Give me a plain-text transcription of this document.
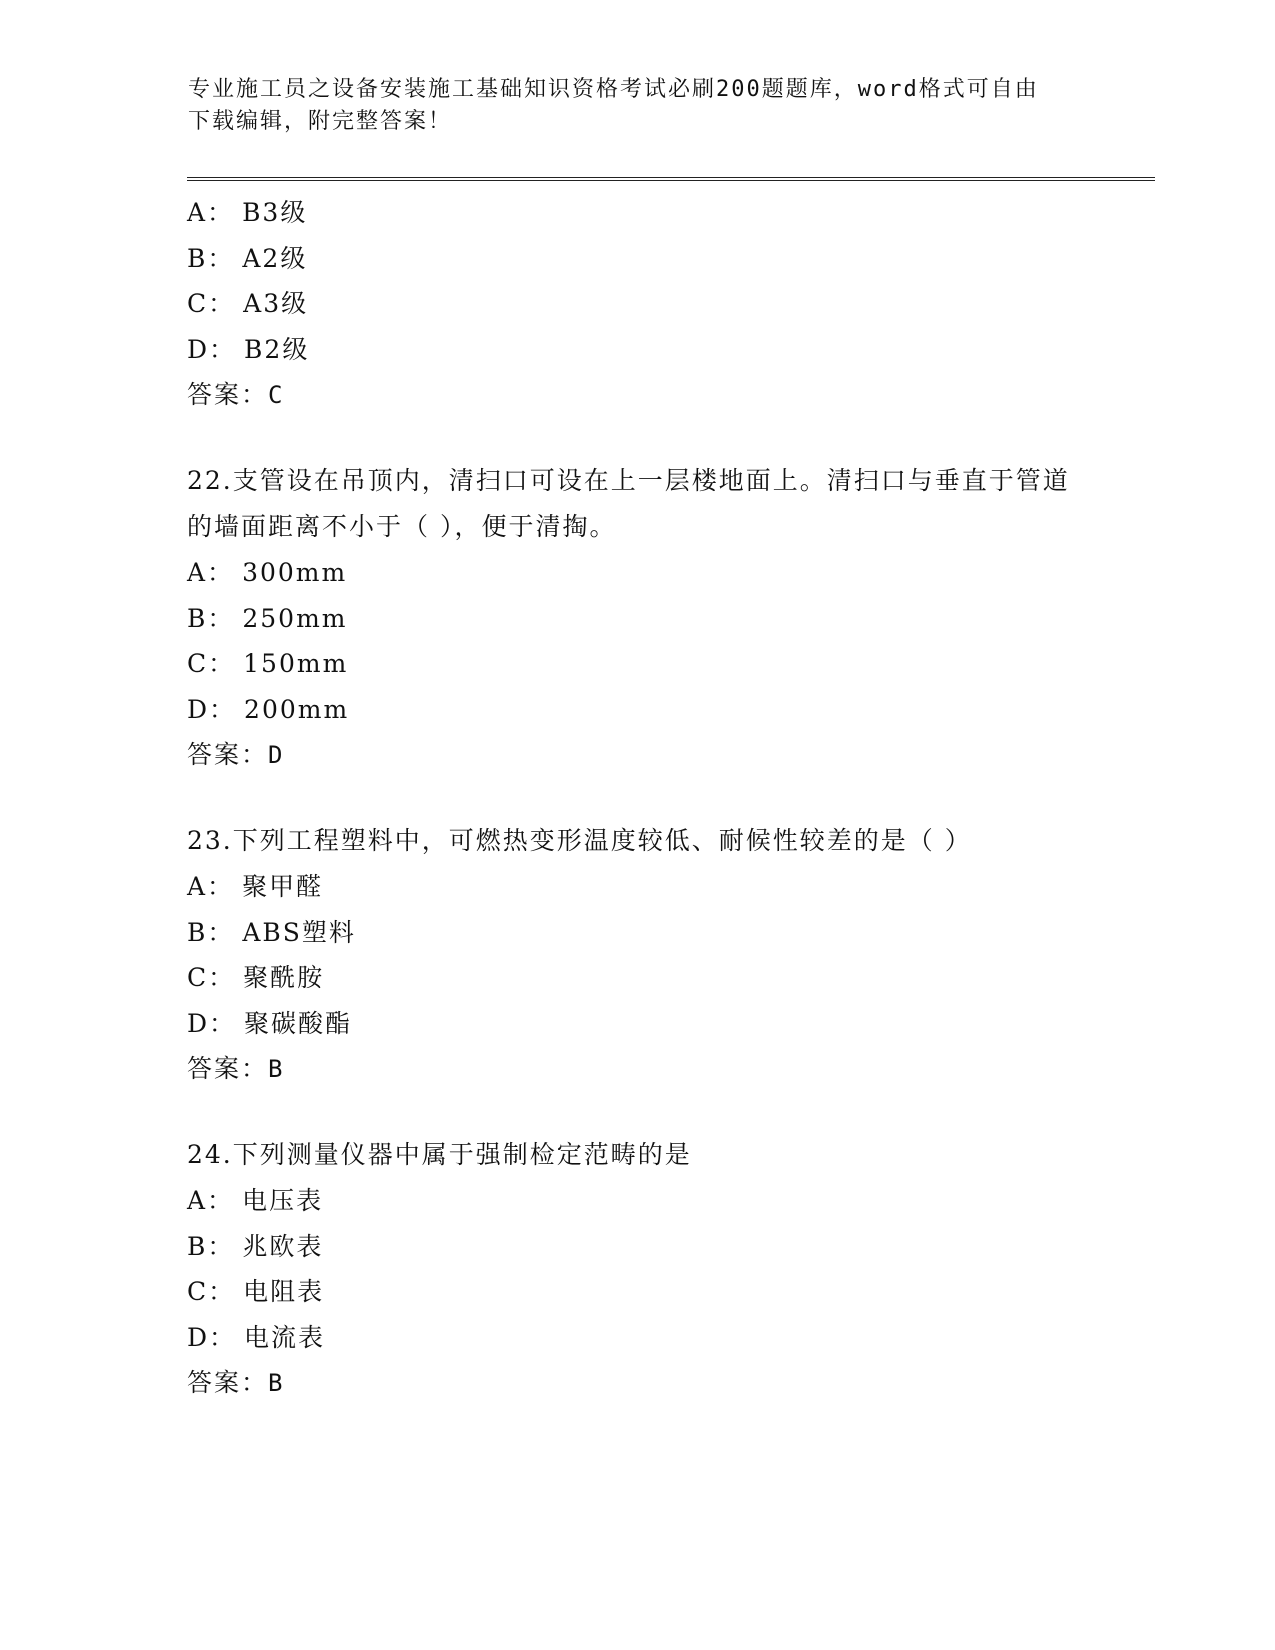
专业施工员之设备安装施工基础知识资格考试必刷200题题库，word格式可自由
下载编辑，附完整答案！
A： B3级
B： A2级
C： A3级
D： B2级
答案：C

22.支管设在吊顶内，清扫口可设在上一层楼地面上。清扫口与垂直于管道的墙面距离不小于（ ），便于清掏。

A： 300mm
B： 250mm
C： 150mm
D： 200mm
答案：D

23.下列工程塑料中，可燃热变形温度较低、耐候性较差的是（ ）

A： 聚甲醛
B： ABS塑料
C： 聚酰胺
D： 聚碳酸酯
答案：B

24.下列测量仪器中属于强制检定范畴的是

A： 电压表
B： 兆欧表
C： 电阻表
D： 电流表
答案：B
